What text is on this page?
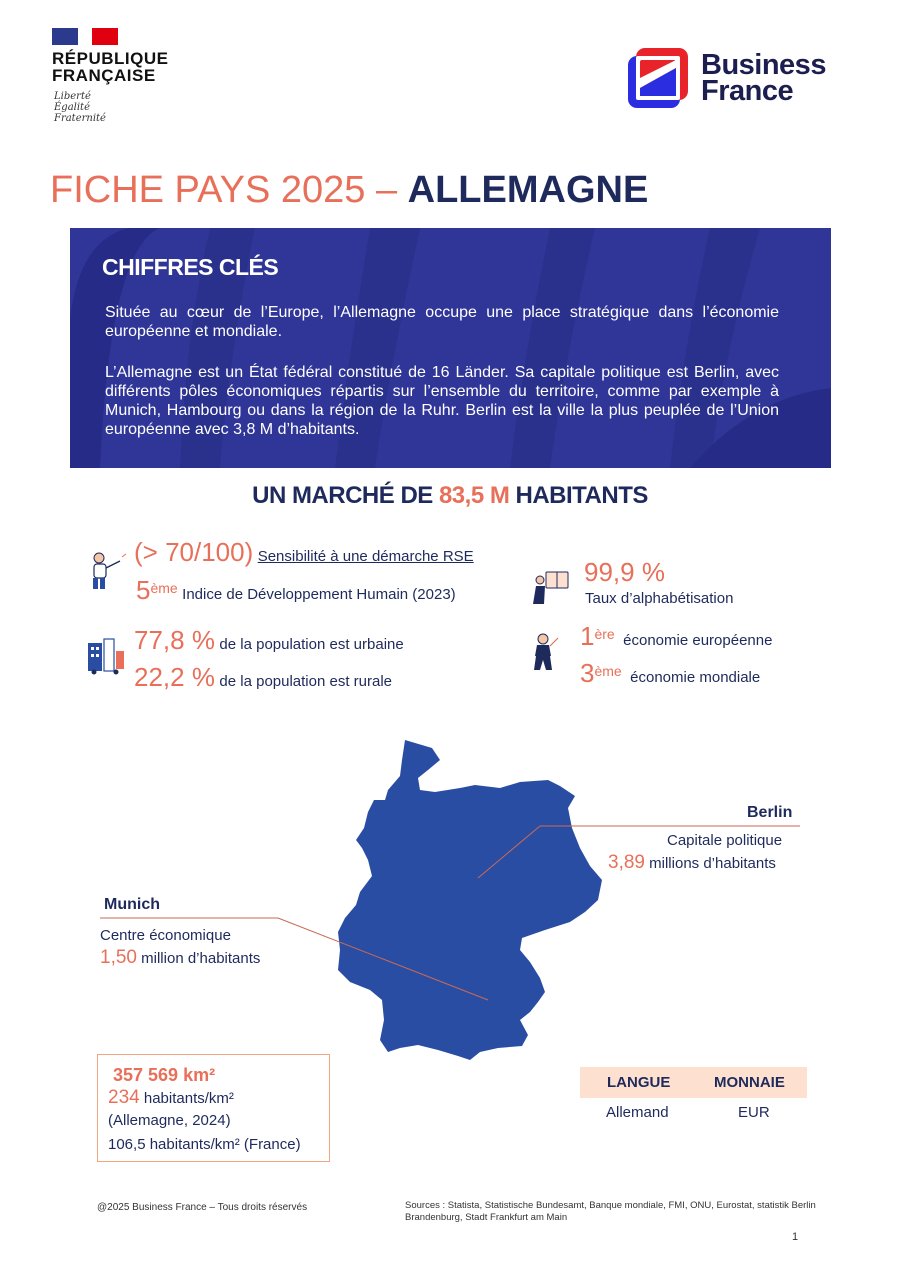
RÉPUBLIQUE
FRANÇAISE
Liberté
Égalité
Fraternité
Business
France
FICHE PAYS 2025 – ALLEMAGNE
CHIFFRES CLÉS
Située au cœur de l’Europe, l’Allemagne occupe une place stratégique dans l’économie européenne et mondiale.
L’Allemagne est un État fédéral constitué de 16 Länder. Sa capitale politique est Berlin, avec différents pôles économiques répartis sur l’ensemble du territoire, comme par exemple à Munich, Hambourg ou dans la région de la Ruhr. Berlin est la ville la plus peuplée de l’Union européenne avec 3,8 M d’habitants.
UN MARCHÉ DE 83,5 M HABITANTS
(> 70/100) Sensibilité à une démarche RSE
5ème Indice de Développement Humain (2023)
99,9 %
Taux d’alphabétisation
77,8 % de la population est urbaine
22,2 % de la population est rurale
1ère économie européenne
3ème économie mondiale
Berlin
Capitale politique
3,89 millions d’habitants
Munich
Centre économique
1,50 million d’habitants
357 569 km²
234 habitants/km²
(Allemagne, 2024)
106,5 habitants/km² (France)
LANGUE	MONNAIE
Allemand	EUR
@2025 Business France – Tous droits réservés	Sources : Statista, Statistische Bundesamt, Banque mondiale, FMI, ONU, Eurostat, statistik Berlin Brandenburg, Stadt Frankfurt am Main
1
